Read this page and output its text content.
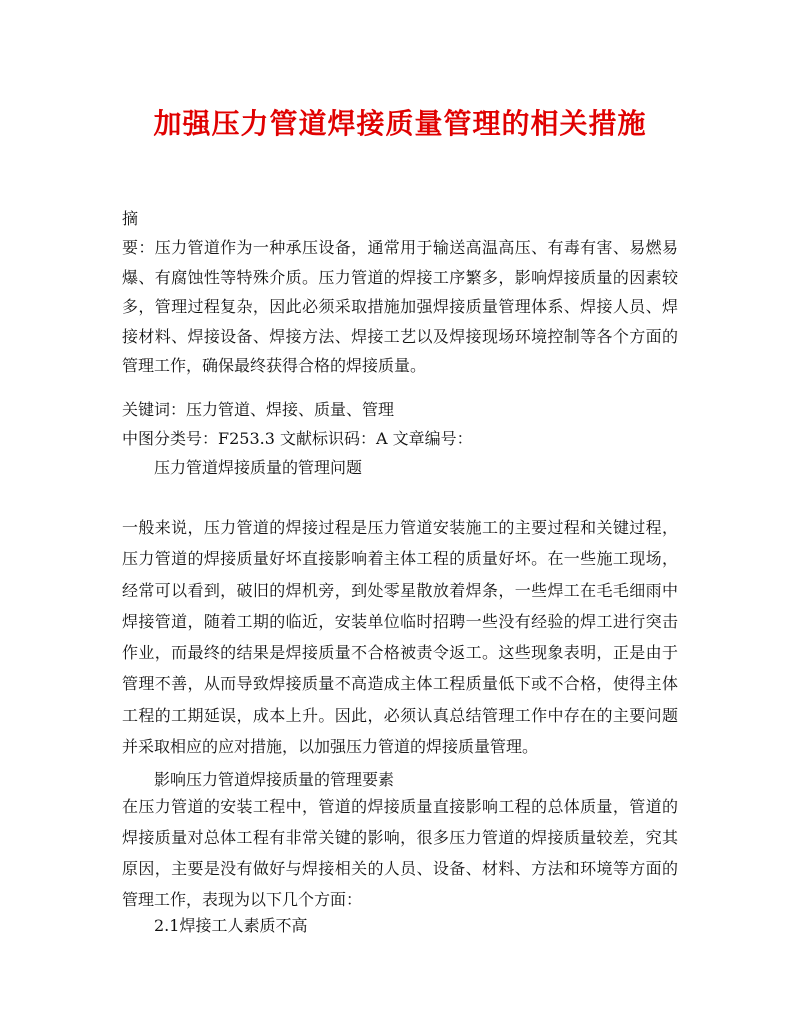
加强压力管道焊接质量管理的相关措施
摘
要：压力管道作为一种承压设备，通常用于输送高温高压、有毒有害、易燃易爆、有腐蚀性等特殊介质。压力管道的焊接工序繁多，影响焊接质量的因素较多，管理过程复杂，因此必须采取措施加强焊接质量管理体系、焊接人员、焊接材料、焊接设备、焊接方法、焊接工艺以及焊接现场环境控制等各个方面的管理工作，确保最终获得合格的焊接质量。
关键词：压力管道、焊接、质量、管理
中图分类号：F253.3 文献标识码：A 文章编号：
压力管道焊接质量的管理问题
一般来说，压力管道的焊接过程是压力管道安装施工的主要过程和关键过程，压力管道的焊接质量好坏直接影响着主体工程的质量好坏。在一些施工现场，经常可以看到，破旧的焊机旁，到处零星散放着焊条，一些焊工在毛毛细雨中焊接管道，随着工期的临近，安装单位临时招聘一些没有经验的焊工进行突击作业，而最终的结果是焊接质量不合格被责令返工。这些现象表明，正是由于管理不善，从而导致焊接质量不高造成主体工程质量低下或不合格，使得主体工程的工期延误，成本上升。因此，必须认真总结管理工作中存在的主要问题并采取相应的应对措施，以加强压力管道的焊接质量管理。
影响压力管道焊接质量的管理要素
在压力管道的安装工程中，管道的焊接质量直接影响工程的总体质量，管道的焊接质量对总体工程有非常关键的影响，很多压力管道的焊接质量较差，究其原因，主要是没有做好与焊接相关的人员、设备、材料、方法和环境等方面的管理工作，表现为以下几个方面：
2.1焊接工人素质不高
